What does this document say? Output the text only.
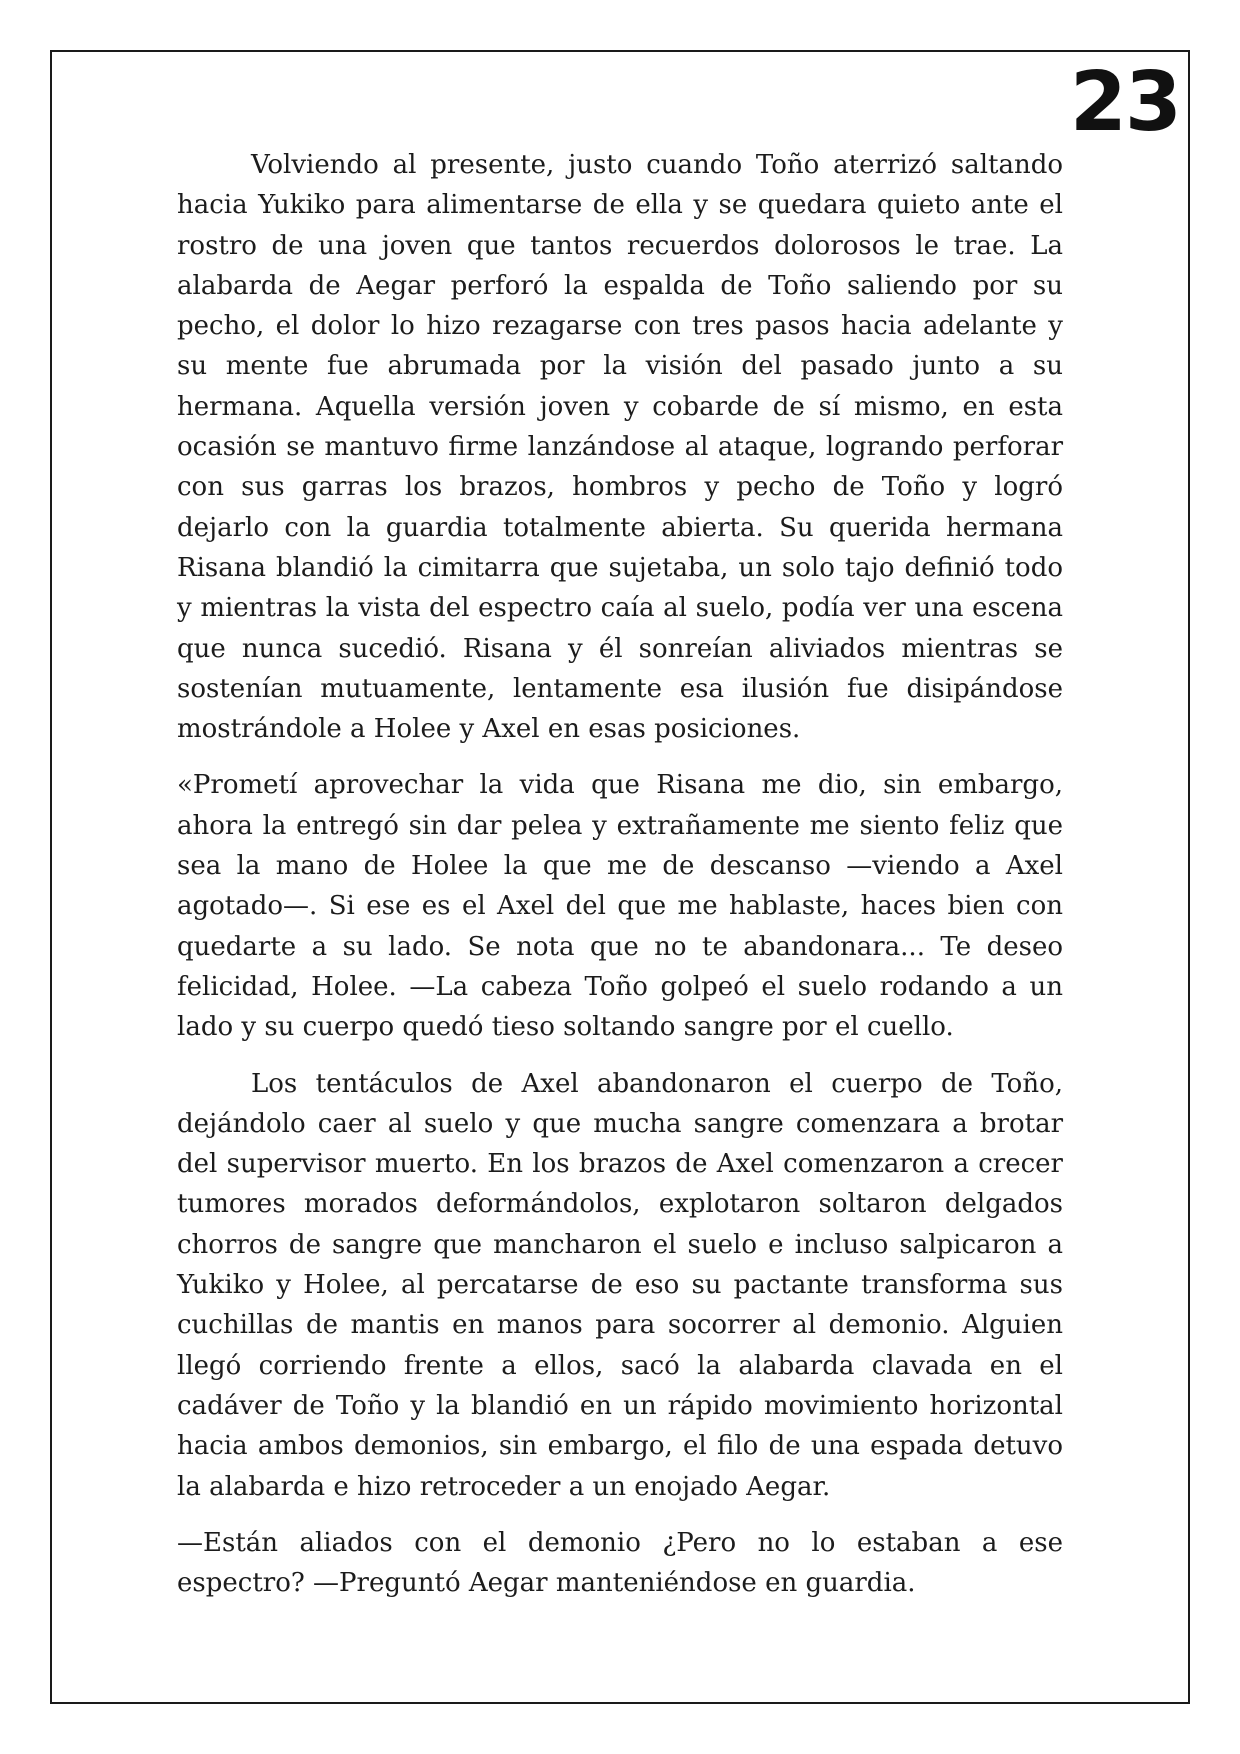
23

Volviendo al presente, justo cuando Toño aterrizó saltando hacia Yukiko para alimentarse de ella y se quedara quieto ante el rostro de una joven que tantos recuerdos dolorosos le trae. La alabarda de Aegar perforó la espalda de Toño saliendo por su pecho, el dolor lo hizo rezagarse con tres pasos hacia adelante y su mente fue abrumada por la visión del pasado junto a su hermana. Aquella versión joven y cobarde de sí mismo, en esta ocasión se mantuvo firme lanzándose al ataque, logrando perforar con sus garras los brazos, hombros y pecho de Toño y logró dejarlo con la guardia totalmente abierta. Su querida hermana Risana blandió la cimitarra que sujetaba, un solo tajo definió todo y mientras la vista del espectro caía al suelo, podía ver una escena que nunca sucedió. Risana y él sonreían aliviados mientras se sostenían mutuamente, lentamente esa ilusión fue disipándose mostrándole a Holee y Axel en esas posiciones.

«Prometí aprovechar la vida que Risana me dio, sin embargo, ahora la entregó sin dar pelea y extrañamente me siento feliz que sea la mano de Holee la que me de descanso —viendo a Axel agotado—. Si ese es el Axel del que me hablaste, haces bien con quedarte a su lado. Se nota que no te abandonara... Te deseo felicidad, Holee. —La cabeza Toño golpeó el suelo rodando a un lado y su cuerpo quedó tieso soltando sangre por el cuello.

Los tentáculos de Axel abandonaron el cuerpo de Toño, dejándolo caer al suelo y que mucha sangre comenzara a brotar del supervisor muerto. En los brazos de Axel comenzaron a crecer tumores morados deformándolos, explotaron soltaron delgados chorros de sangre que mancharon el suelo e incluso salpicaron a Yukiko y Holee, al percatarse de eso su pactante transforma sus cuchillas de mantis en manos para socorrer al demonio. Alguien llegó corriendo frente a ellos, sacó la alabarda clavada en el cadáver de Toño y la blandió en un rápido movimiento horizontal hacia ambos demonios, sin embargo, el filo de una espada detuvo la alabarda e hizo retroceder a un enojado Aegar.

—Están aliados con el demonio ¿Pero no lo estaban a ese espectro? —Preguntó Aegar manteniéndose en guardia.
